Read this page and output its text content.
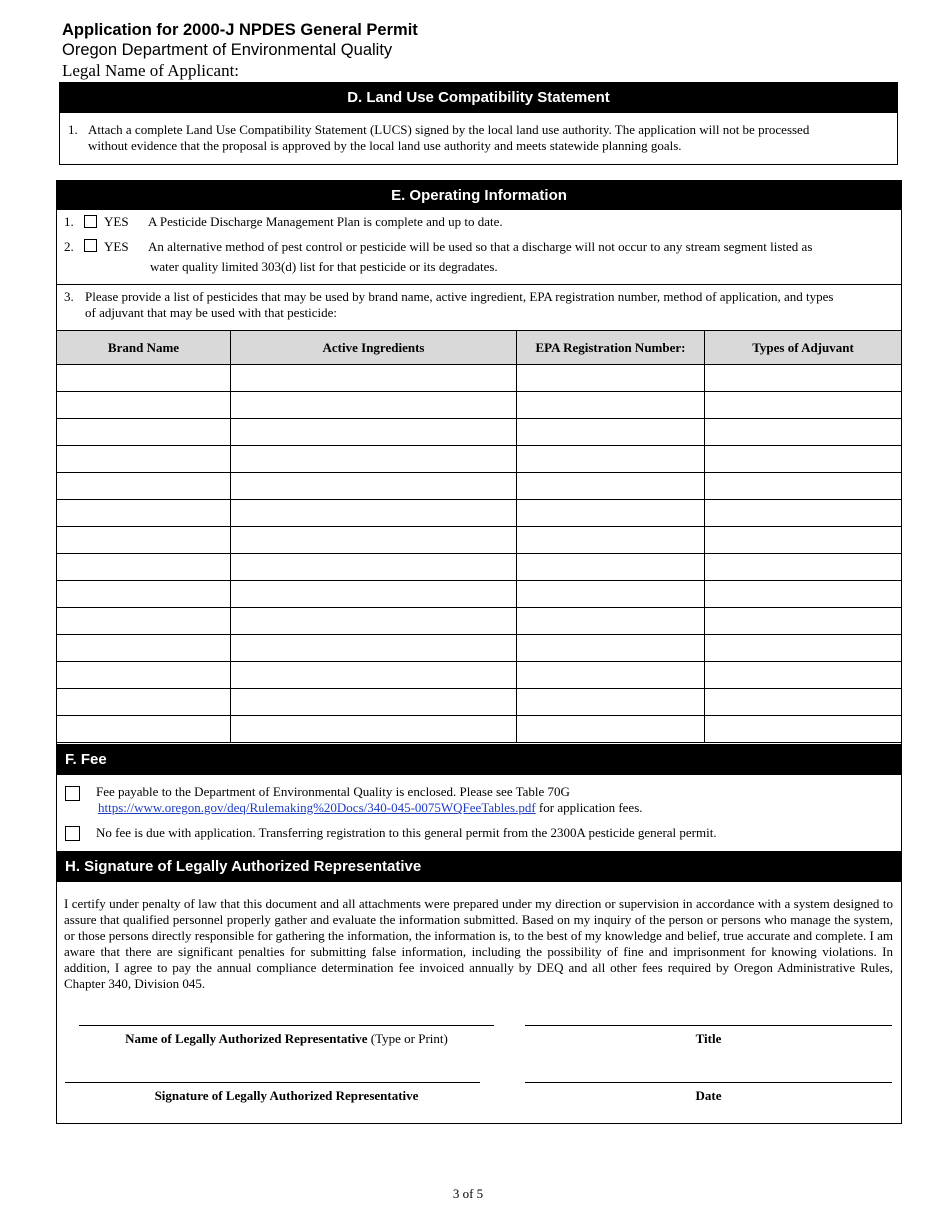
Application for 2000-J NPDES General Permit
Oregon Department of Environmental Quality
Legal Name of Applicant:
D. Land Use Compatibility Statement
1. Attach a complete Land Use Compatibility Statement (LUCS) signed by the local land use authority. The application will not be processed
without evidence that the proposal is approved by the local land use authority and meets statewide planning goals.
E. Operating Information
1. YES A Pesticide Discharge Management Plan is complete and up to date.
2. YES An alternative method of pest control or pesticide will be used so that a discharge will not occur to any stream segment listed as
water quality limited 303(d) list for that pesticide or its degradates.
3. Please provide a list of pesticides that may be used by brand name, active ingredient, EPA registration number, method of application, and types
of adjuvant that may be used with that pesticide:
Brand Name	Active Ingredients	EPA Registration Number:	Types of Adjuvant

F. Fee
Fee payable to the Department of Environmental Quality is enclosed. Please see Table 70G
https://www.oregon.gov/deq/Rulemaking%20Docs/340-045-0075WQFeeTables.pdf for application fees.
No fee is due with application. Transferring registration to this general permit from the 2300A pesticide general permit.
H. Signature of Legally Authorized Representative
I certify under penalty of law that this document and all attachments were prepared under my direction or supervision in accordance with a system designed to assure that qualified personnel properly gather and evaluate the information submitted. Based on my inquiry of the person or persons who manage the system, or those persons directly responsible for gathering the information, the information is, to the best of my knowledge and belief, true accurate and complete. I am aware that there are significant penalties for submitting false information, including the possibility of fine and imprisonment for knowing violations. In addition, I agree to pay the annual compliance determination fee invoiced annually by DEQ and all other fees required by Oregon Administrative Rules, Chapter 340, Division 045.
Name of Legally Authorized Representative (Type or Print)	Title
Signature of Legally Authorized Representative	Date
3 of 5
